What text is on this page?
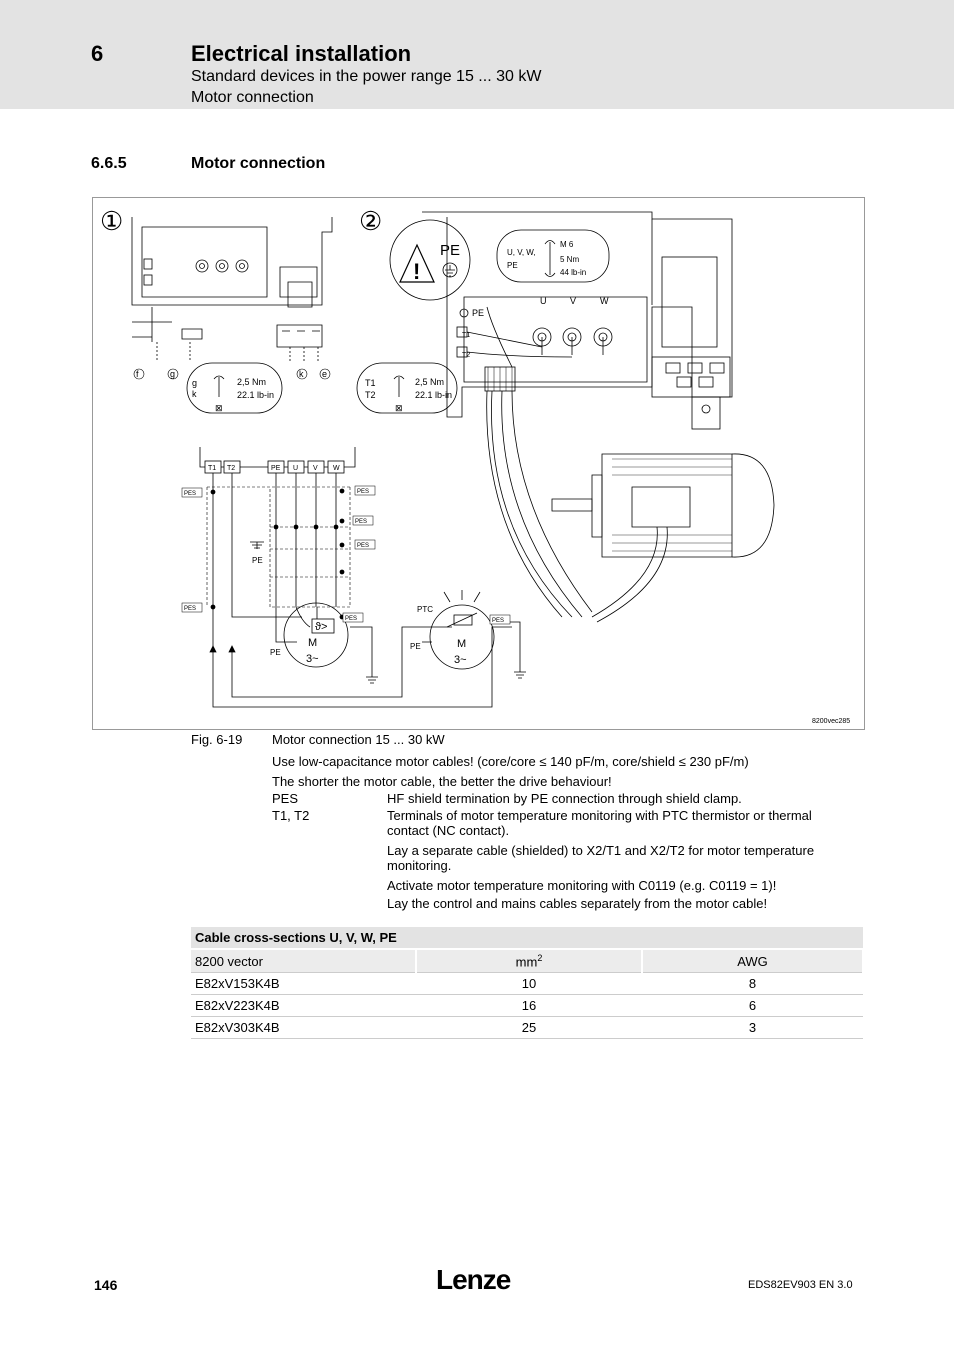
6	Electrical installation
Standard devices in the power range 15 ... 30 kW
Motor connection
6.6.5	Motor connection
①	②
f	g	k e
g
k
⊠
2,5 Nm
22.1 lb-in
T1
T2
⊠
2,5 Nm
22.1 lb-in
U	V	W
PE
T1
T2
!
PE	U, V, W,
PE
M 6
5 Nm
44 lb-in
T1 T2	PE U V W
PES	PES
PES
PES
PES
PES	PES
PE
PE
PTC
PE
ϑ>
M
3~
M
3~
8200vec285
Fig. 6-19 Motor connection 15 ... 30 kW
Use low-capacitance motor cables! (core/core ≤ 140 pF/m, core/shield ≤ 230 pF/m)
The shorter the motor cable, the better the drive behaviour!
PES	HF shield termination by PE connection through shield clamp.
T1, T2	Terminals of motor temperature monitoring with PTC thermistor or thermal contact (NC contact).
Lay a separate cable (shielded) to X2/T1 and X2/T2 for motor temperature monitoring.
Activate motor temperature monitoring with C0119 (e.g. C0119 = 1)!
Lay the control and mains cables separately from the motor cable!
Cable cross-sections U, V, W, PE		
8200 vector	$mm^2$	AWG
E82xV153K4B	10	8
E82xV223K4B	16	6
E82xV303K4B	25	3
146	Lenze	EDS82EV903 EN 3.0
